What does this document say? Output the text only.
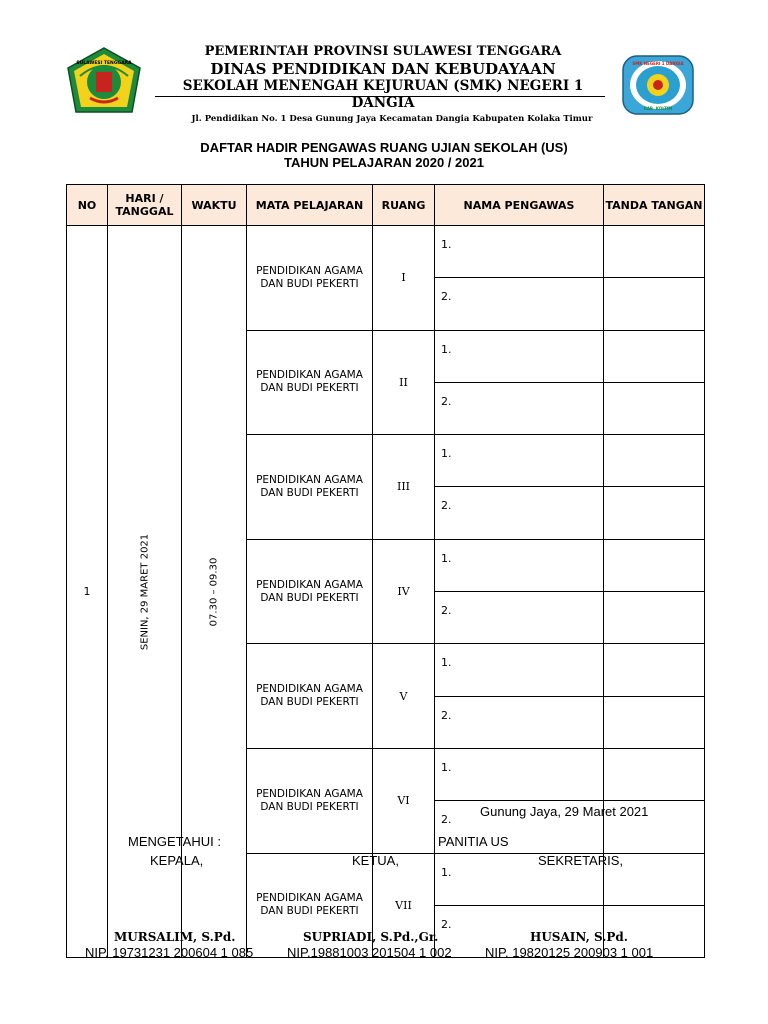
SULAWESI TENGGARA
PEMERINTAH PROVINSI SULAWESI TENGGARA
DINAS PENDIDIKAN DAN KEBUDAYAAN
SEKOLAH MENENGAH KEJURUAN (SMK) NEGERI 1
DANGIA
Jl. Pendidikan No. 1 Desa Gunung Jaya Kecamatan Dangia Kabupaten Kolaka Timur
SMK NEGERI 1 DANGIA
KAB. KOLTIM
DAFTAR HADIR PENGAWAS RUANG UJIAN SEKOLAH (US)
TAHUN PELAJARAN 2020 / 2021
NO	HARI / TANGGAL	WAKTU	MATA PELAJARAN	RUANG	NAMA PENGAWAS	TANDA TANGAN
1	SENIN, 29 MARET 2021	07.30 – 09.30	PENDIDIKAN AGAMA DAN BUDI PEKERTI	I	1.	
					2.	
			PENDIDIKAN AGAMA DAN BUDI PEKERTI	II	1.	
					2.	
			PENDIDIKAN AGAMA DAN BUDI PEKERTI	III	1.	
					2.	
			PENDIDIKAN AGAMA DAN BUDI PEKERTI	IV	1.	
					2.	
			PENDIDIKAN AGAMA DAN BUDI PEKERTI	V	1.	
					2.	
			PENDIDIKAN AGAMA DAN BUDI PEKERTI	VI	1.	
					2.	
			PENDIDIKAN AGAMA DAN BUDI PEKERTI	VII	1.	
					2.	
Gunung Jaya, 29 Maret 2021
MENGETAHUI :	PANITIA US
KEPALA,	KETUA,	SEKRETARIS,
MURSALIM, S.Pd.	SUPRIADI, S.Pd.,Gr.	HUSAIN, S.Pd.
NIP. 19731231 200604 1 085	NIP.19881003 201504 1 002	NIP. 19820125 200903 1 001
